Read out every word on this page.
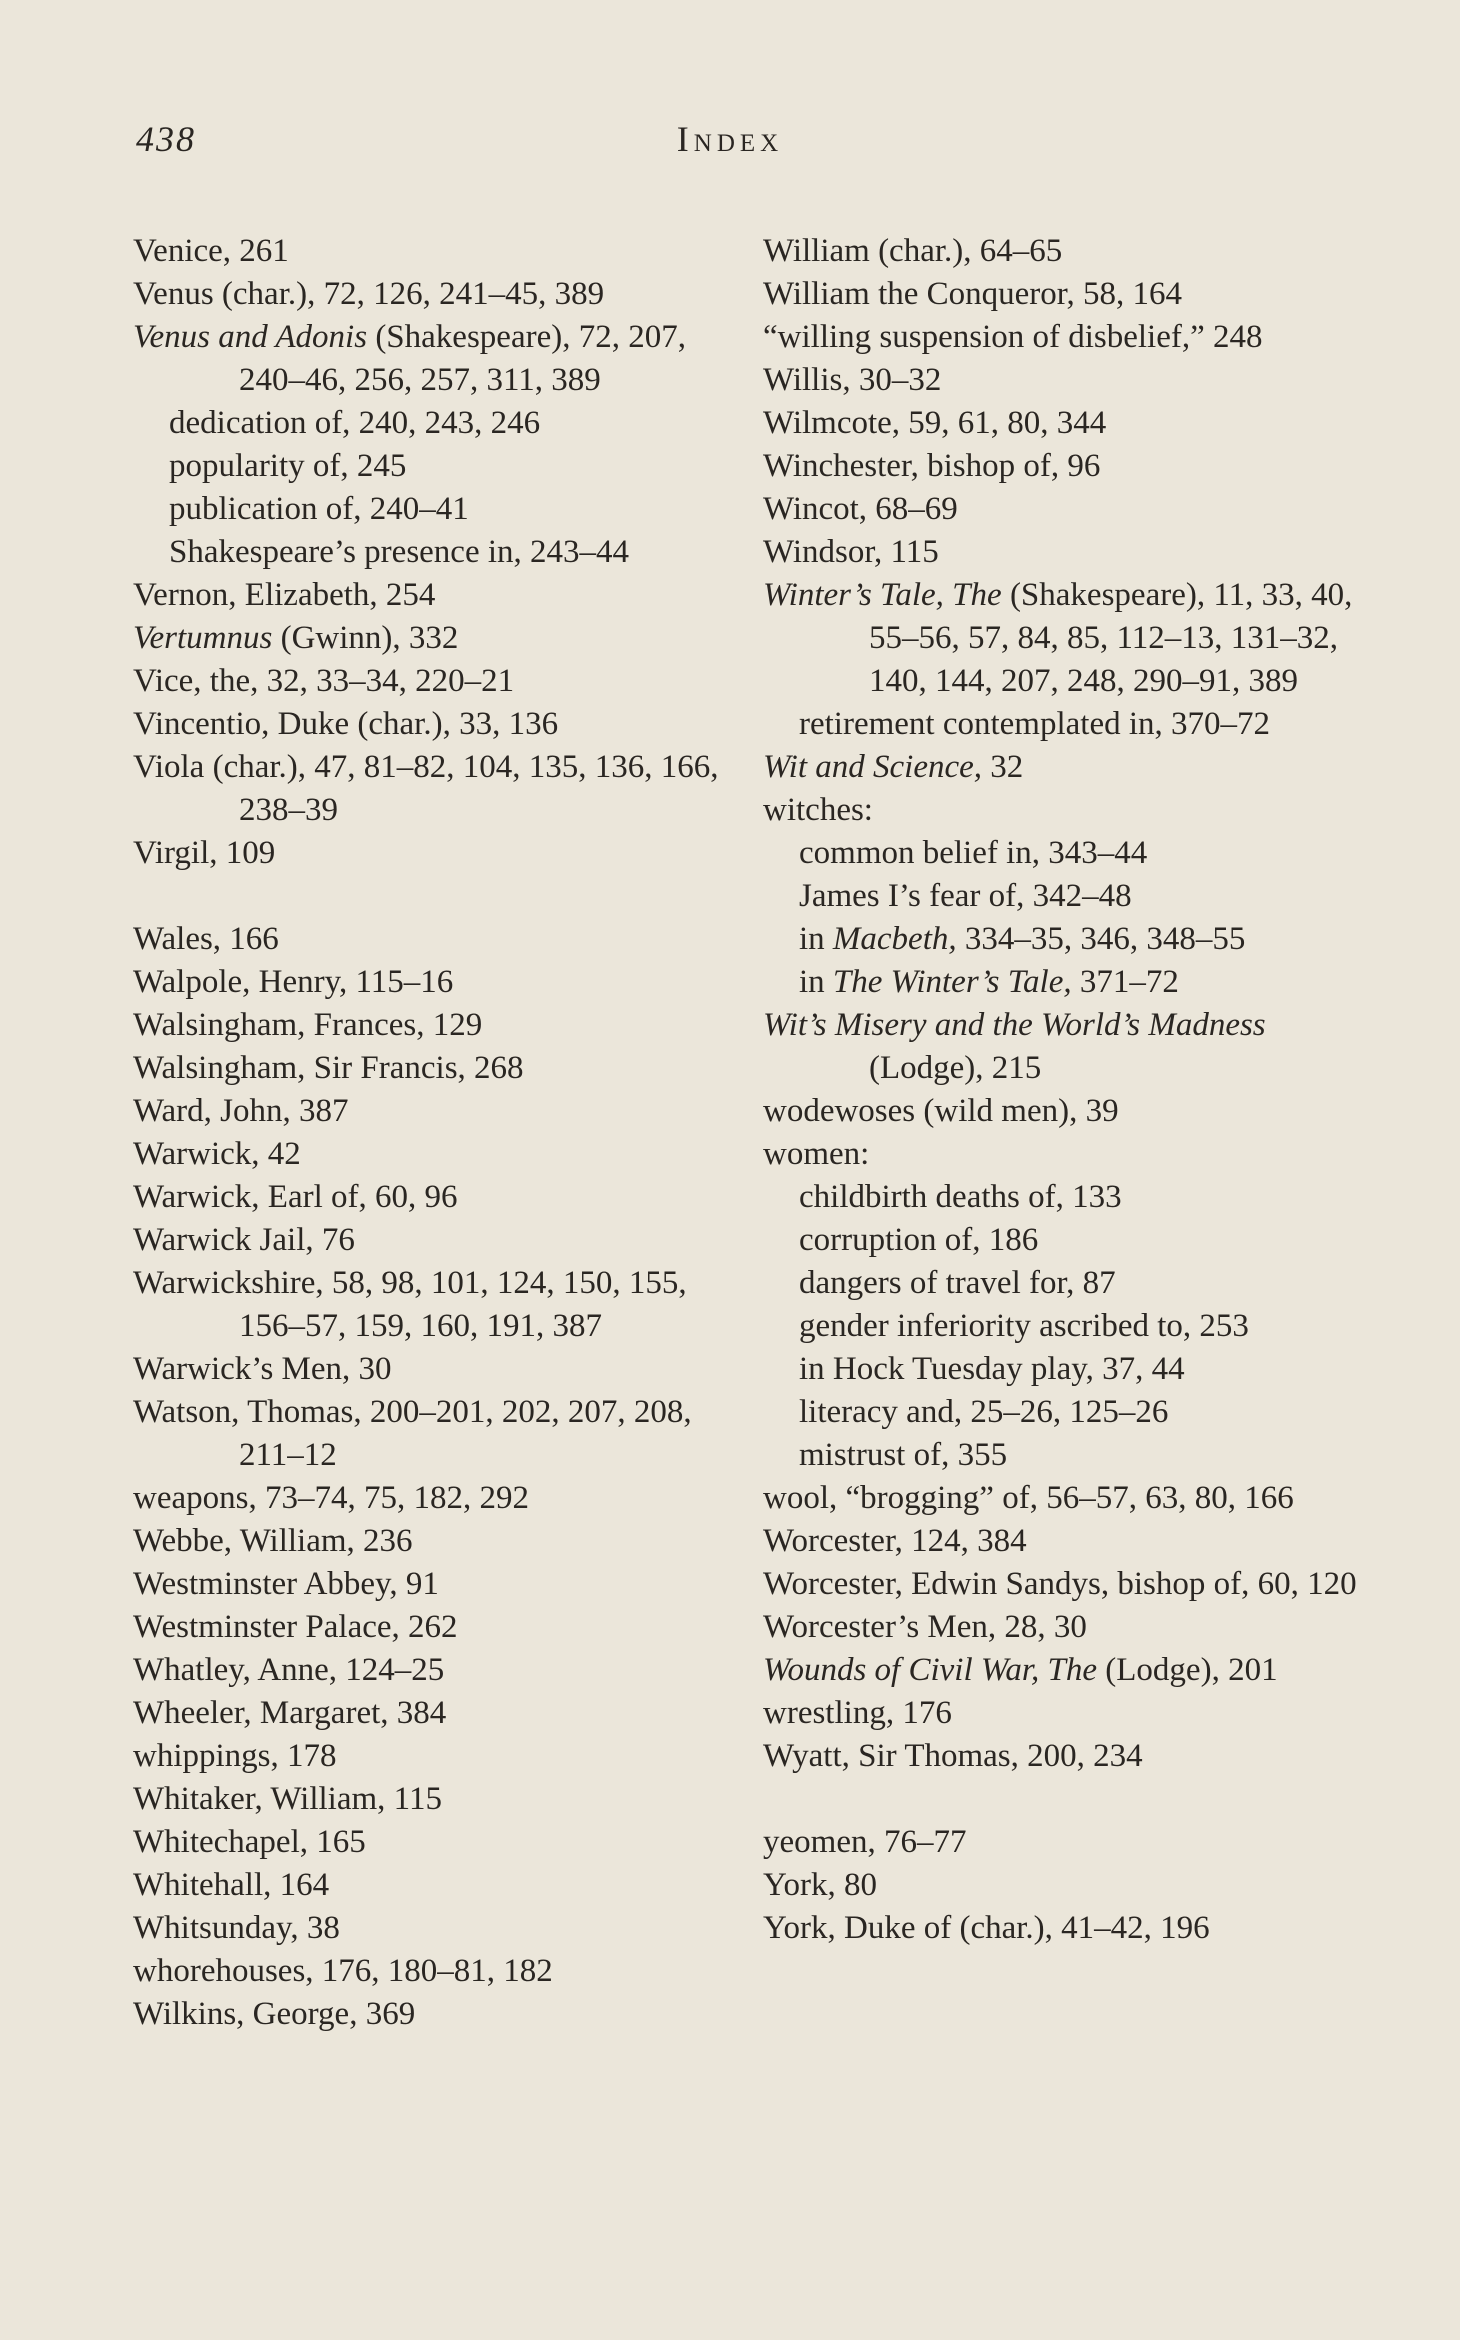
438	Index
Venice, 261
Venus (char.), 72, 126, 241–45, 389
Venus and Adonis (Shakespeare), 72, 207, 240–46, 256, 257, 311, 389
dedication of, 240, 243, 246
popularity of, 245
publication of, 240–41
Shakespeare’s presence in, 243–44
Vernon, Elizabeth, 254
Vertumnus (Gwinn), 332
Vice, the, 32, 33–34, 220–21
Vincentio, Duke (char.), 33, 136
Viola (char.), 47, 81–82, 104, 135, 136, 166, 238–39
Virgil, 109
Wales, 166
Walpole, Henry, 115–16
Walsingham, Frances, 129
Walsingham, Sir Francis, 268
Ward, John, 387
Warwick, 42
Warwick, Earl of, 60, 96
Warwick Jail, 76
Warwickshire, 58, 98, 101, 124, 150, 155, 156–57, 159, 160, 191, 387
Warwick’s Men, 30
Watson, Thomas, 200–201, 202, 207, 208, 211–12
weapons, 73–74, 75, 182, 292
Webbe, William, 236
Westminster Abbey, 91
Westminster Palace, 262
Whatley, Anne, 124–25
Wheeler, Margaret, 384
whippings, 178
Whitaker, William, 115
Whitechapel, 165
Whitehall, 164
Whitsunday, 38
whorehouses, 176, 180–81, 182
Wilkins, George, 369
William (char.), 64–65
William the Conqueror, 58, 164
“willing suspension of disbelief,” 248
Willis, 30–32
Wilmcote, 59, 61, 80, 344
Winchester, bishop of, 96
Wincot, 68–69
Windsor, 115
Winter’s Tale, The (Shakespeare), 11, 33, 40, 55–56, 57, 84, 85, 112–13, 131–32, 140, 144, 207, 248, 290–91, 389
retirement contemplated in, 370–72
Wit and Science, 32
witches:
common belief in, 343–44
James I’s fear of, 342–48
in Macbeth, 334–35, 346, 348–55
in The Winter’s Tale, 371–72
Wit’s Misery and the World’s Madness (Lodge), 215
wodewoses (wild men), 39
women:
childbirth deaths of, 133
corruption of, 186
dangers of travel for, 87
gender inferiority ascribed to, 253
in Hock Tuesday play, 37, 44
literacy and, 25–26, 125–26
mistrust of, 355
wool, “brogging” of, 56–57, 63, 80, 166
Worcester, 124, 384
Worcester, Edwin Sandys, bishop of, 60, 120
Worcester’s Men, 28, 30
Wounds of Civil War, The (Lodge), 201
wrestling, 176
Wyatt, Sir Thomas, 200, 234
yeomen, 76–77
York, 80
York, Duke of (char.), 41–42, 196
